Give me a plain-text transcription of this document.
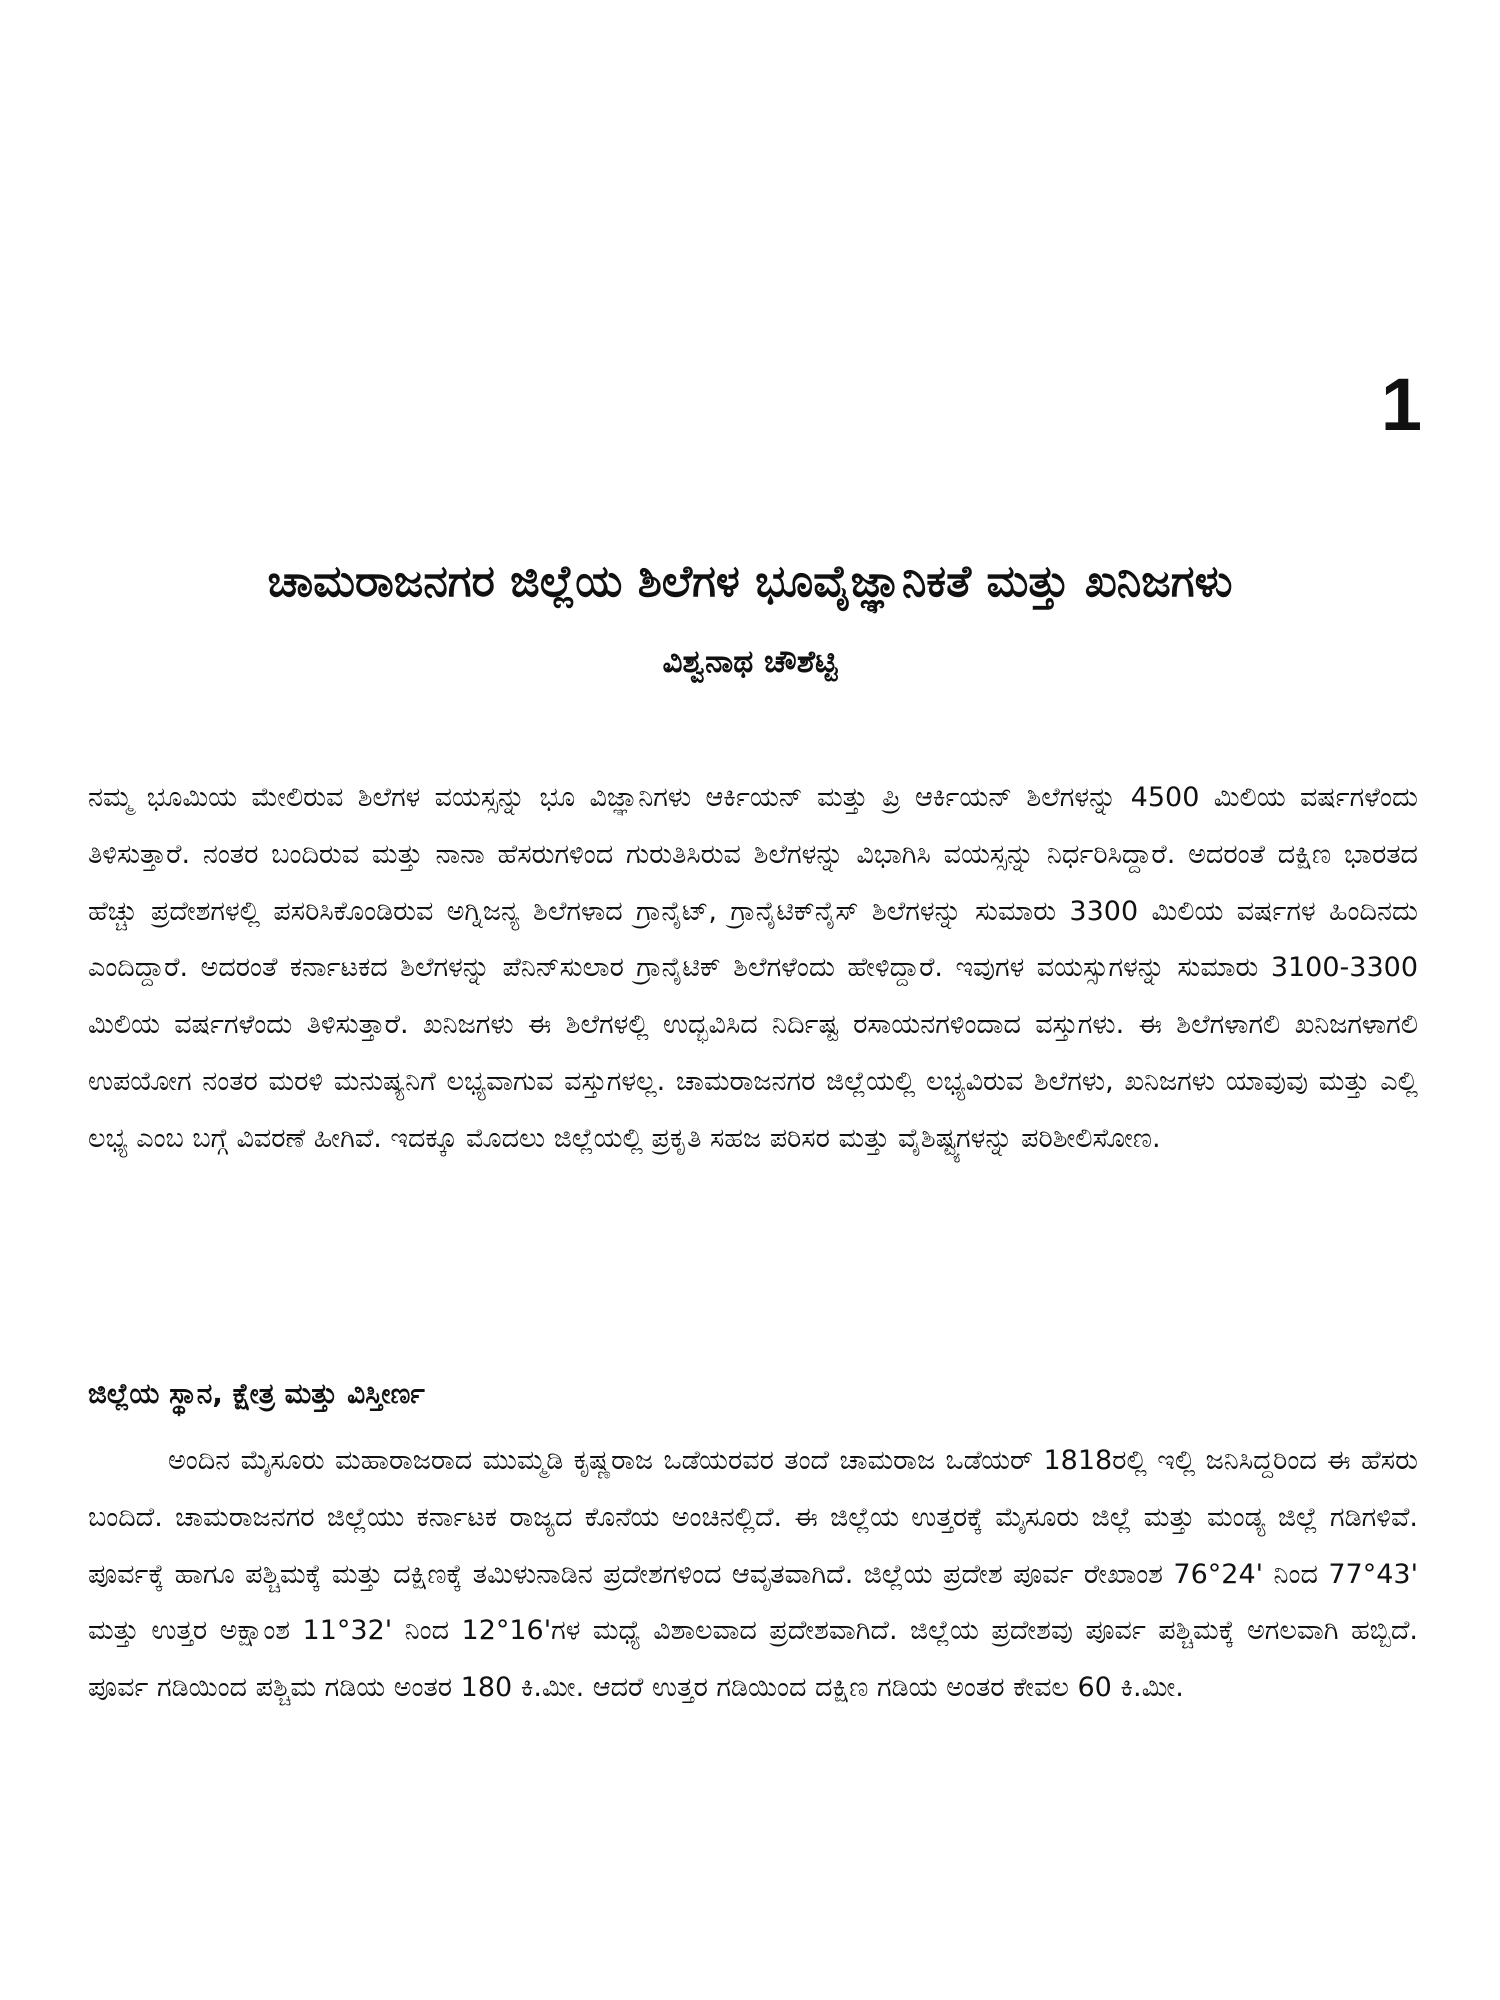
1
ಚಾಮರಾಜನಗರ ಜಿಲ್ಲೆಯ ಶಿಲೆಗಳ ಭೂವೈಜ್ಞಾನಿಕತೆ ಮತ್ತು ಖನಿಜಗಳು
ವಿಶ್ವನಾಥ ಚೌಶೆಟ್ಟಿ

ನಮ್ಮ ಭೂಮಿಯ ಮೇಲಿರುವ ಶಿಲೆಗಳ ವಯಸ್ಸನ್ನು ಭೂ ವಿಜ್ಞಾನಿಗಳು ಆರ್ಕಿಯನ್ ಮತ್ತು ಪ್ರಿ ಆರ್ಕಿಯನ್ ಶಿಲೆಗಳನ್ನು 4500 ಮಿಲಿಯ ವರ್ಷಗಳೆಂದು ತಿಳಿಸುತ್ತಾರೆ. ನಂತರ ಬಂದಿರುವ ಮತ್ತು ನಾನಾ ಹೆಸರುಗಳಿಂದ ಗುರುತಿಸಿರುವ ಶಿಲೆಗಳನ್ನು ವಿಭಾಗಿಸಿ ವಯಸ್ಸನ್ನು ನಿರ್ಧರಿಸಿದ್ದಾರೆ. ಅದರಂತೆ ದಕ್ಷಿಣ ಭಾರತದ ಹೆಚ್ಚು ಪ್ರದೇಶಗಳಲ್ಲಿ ಪಸರಿಸಿಕೊಂಡಿರುವ ಅಗ್ನಿಜನ್ಯ ಶಿಲೆಗಳಾದ ಗ್ರಾನೈಟ್, ಗ್ರಾನೈಟಿಕ್‌ನೈಸ್ ಶಿಲೆಗಳನ್ನು ಸುಮಾರು 3300 ಮಿಲಿಯ ವರ್ಷಗಳ ಹಿಂದಿನದು ಎಂದಿದ್ದಾರೆ. ಅದರಂತೆ ಕರ್ನಾಟಕದ ಶಿಲೆಗಳನ್ನು ಪೆನಿನ್‌ಸುಲಾರ ಗ್ರಾನೈಟಿಕ್ ಶಿಲೆಗಳೆಂದು ಹೇಳಿದ್ದಾರೆ. ಇವುಗಳ ವಯಸ್ಸುಗಳನ್ನು ಸುಮಾರು 3100-3300 ಮಿಲಿಯ ವರ್ಷಗಳೆಂದು ತಿಳಿಸುತ್ತಾರೆ. ಖನಿಜಗಳು ಈ ಶಿಲೆಗಳಲ್ಲಿ ಉದ್ಭವಿಸಿದ ನಿರ್ದಿಷ್ಟ ರಸಾಯನಗಳಿಂದಾದ ವಸ್ತುಗಳು. ಈ ಶಿಲೆಗಳಾಗಲಿ ಖನಿಜಗಳಾಗಲಿ ಉಪಯೋಗ ನಂತರ ಮರಳಿ ಮನುಷ್ಯನಿಗೆ ಲಭ್ಯವಾಗುವ ವಸ್ತುಗಳಲ್ಲ. ಚಾಮರಾಜನಗರ ಜಿಲ್ಲೆಯಲ್ಲಿ ಲಭ್ಯವಿರುವ ಶಿಲೆಗಳು, ಖನಿಜಗಳು ಯಾವುವು ಮತ್ತು ಎಲ್ಲಿ ಲಭ್ಯ ಎಂಬ ಬಗ್ಗೆ ವಿವರಣೆ ಹೀಗಿವೆ. ಇದಕ್ಕೂ ಮೊದಲು ಜಿಲ್ಲೆಯಲ್ಲಿ ಪ್ರಕೃತಿ ಸಹಜ ಪರಿಸರ ಮತ್ತು ವೈಶಿಷ್ಟ್ಯಗಳನ್ನು ಪರಿಶೀಲಿಸೋಣ.

ಜಿಲ್ಲೆಯ ಸ್ಥಾನ, ಕ್ಷೇತ್ರ ಮತ್ತು ವಿಸ್ತೀರ್ಣ

ಅಂದಿನ ಮೈಸೂರು ಮಹಾರಾಜರಾದ ಮುಮ್ಮಡಿ ಕೃಷ್ಣರಾಜ ಒಡೆಯರವರ ತಂದೆ ಚಾಮರಾಜ ಒಡೆಯರ್ 1818ರಲ್ಲಿ ಇಲ್ಲಿ ಜನಿಸಿದ್ದರಿಂದ ಈ ಹೆಸರು ಬಂದಿದೆ. ಚಾಮರಾಜನಗರ ಜಿಲ್ಲೆಯು ಕರ್ನಾಟಕ ರಾಜ್ಯದ ಕೊನೆಯ ಅಂಚಿನಲ್ಲಿದೆ. ಈ ಜಿಲ್ಲೆಯ ಉತ್ತರಕ್ಕೆ ಮೈಸೂರು ಜಿಲ್ಲೆ ಮತ್ತು ಮಂಡ್ಯ ಜಿಲ್ಲೆ ಗಡಿಗಳಿವೆ. ಪೂರ್ವಕ್ಕೆ ಹಾಗೂ ಪಶ್ಚಿಮಕ್ಕೆ ಮತ್ತು ದಕ್ಷಿಣಕ್ಕೆ ತಮಿಳುನಾಡಿನ ಪ್ರದೇಶಗಳಿಂದ ಆವೃತವಾಗಿದೆ. ಜಿಲ್ಲೆಯ ಪ್ರದೇಶ ಪೂರ್ವ ರೇಖಾಂಶ 76°24' ನಿಂದ 77°43' ಮತ್ತು ಉತ್ತರ ಅಕ್ಷಾಂಶ 11°32' ನಿಂದ 12°16'ಗಳ ಮಧ್ಯೆ ವಿಶಾಲವಾದ ಪ್ರದೇಶವಾಗಿದೆ. ಜಿಲ್ಲೆಯ ಪ್ರದೇಶವು ಪೂರ್ವ ಪಶ್ಚಿಮಕ್ಕೆ ಅಗಲವಾಗಿ ಹಬ್ಬಿದೆ. ಪೂರ್ವ ಗಡಿಯಿಂದ ಪಶ್ಚಿಮ ಗಡಿಯ ಅಂತರ 180 ಕಿ.ಮೀ. ಆದರೆ ಉತ್ತರ ಗಡಿಯಿಂದ ದಕ್ಷಿಣ ಗಡಿಯ ಅಂತರ ಕೇವಲ 60 ಕಿ.ಮೀ.
